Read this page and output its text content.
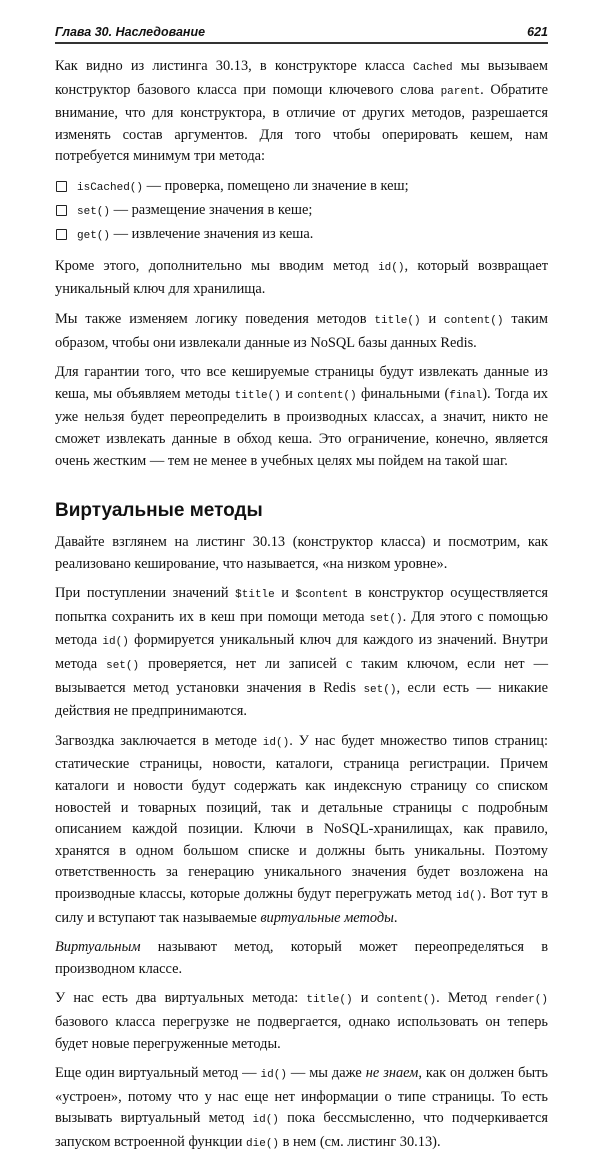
Глава 30. Наследование	621

Как видно из листинга 30.13, в конструкторе класса Cached мы вызываем конструктор базового класса при помощи ключевого слова parent. Обратите внимание, что для конструктора, в отличие от других методов, разрешается изменять состав аргументов. Для того чтобы оперировать кешем, нам потребуется минимум три метода:

isCached() — проверка, помещено ли значение в кеш;
set() — размещение значения в кеше;
get() — извлечение значения из кеша.

Кроме этого, дополнительно мы вводим метод id(), который возвращает уникальный ключ для хранилища.

Мы также изменяем логику поведения методов title() и content() таким образом, чтобы они извлекали данные из NoSQL базы данных Redis.

Для гарантии того, что все кешируемые страницы будут извлекать данные из кеша, мы объявляем методы title() и content() финальными (final). Тогда их уже нельзя будет переопределить в производных классах, а значит, никто не сможет извлекать данные в обход кеша. Это ограничение, конечно, является очень жестким — тем не менее в учебных целях мы пойдем на такой шаг.

Виртуальные методы

Давайте взглянем на листинг 30.13 (конструктор класса) и посмотрим, как реализовано кеширование, что называется, «на низком уровне».

При поступлении значений $title и $content в конструктор осуществляется попытка сохранить их в кеш при помощи метода set(). Для этого с помощью метода id() формируется уникальный ключ для каждого из значений. Внутри метода set() проверяется, нет ли записей с таким ключом, если нет — вызывается метод установки значения в Redis set(), если есть — никакие действия не предпринимаются.

Загвоздка заключается в методе id(). У нас будет множество типов страниц: статические страницы, новости, каталоги, страница регистрации. Причем каталоги и новости будут содержать как индексную страницу со списком новостей и товарных позиций, так и детальные страницы с подробным описанием каждой позиции. Ключи в NoSQL-хранилищах, как правило, хранятся в одном большом списке и должны быть уникальны. Поэтому ответственность за генерацию уникального значения будет возложена на производные классы, которые должны будут перегружать метод id(). Вот тут в силу и вступают так называемые виртуальные методы.

Виртуальным называют метод, который может переопределяться в производном классе.

У нас есть два виртуальных метода: title() и content(). Метод render() базового класса перегрузке не подвергается, однако использовать он теперь будет новые перегруженные методы.

Еще один виртуальный метод — id() — мы даже не знаем, как он должен быть «устроен», потому что у нас еще нет информации о типе страницы. То есть вызывать виртуальный метод id() пока бессмысленно, что подчеркивается запуском встроенной функции die() в нем (см. листинг 30.13).
